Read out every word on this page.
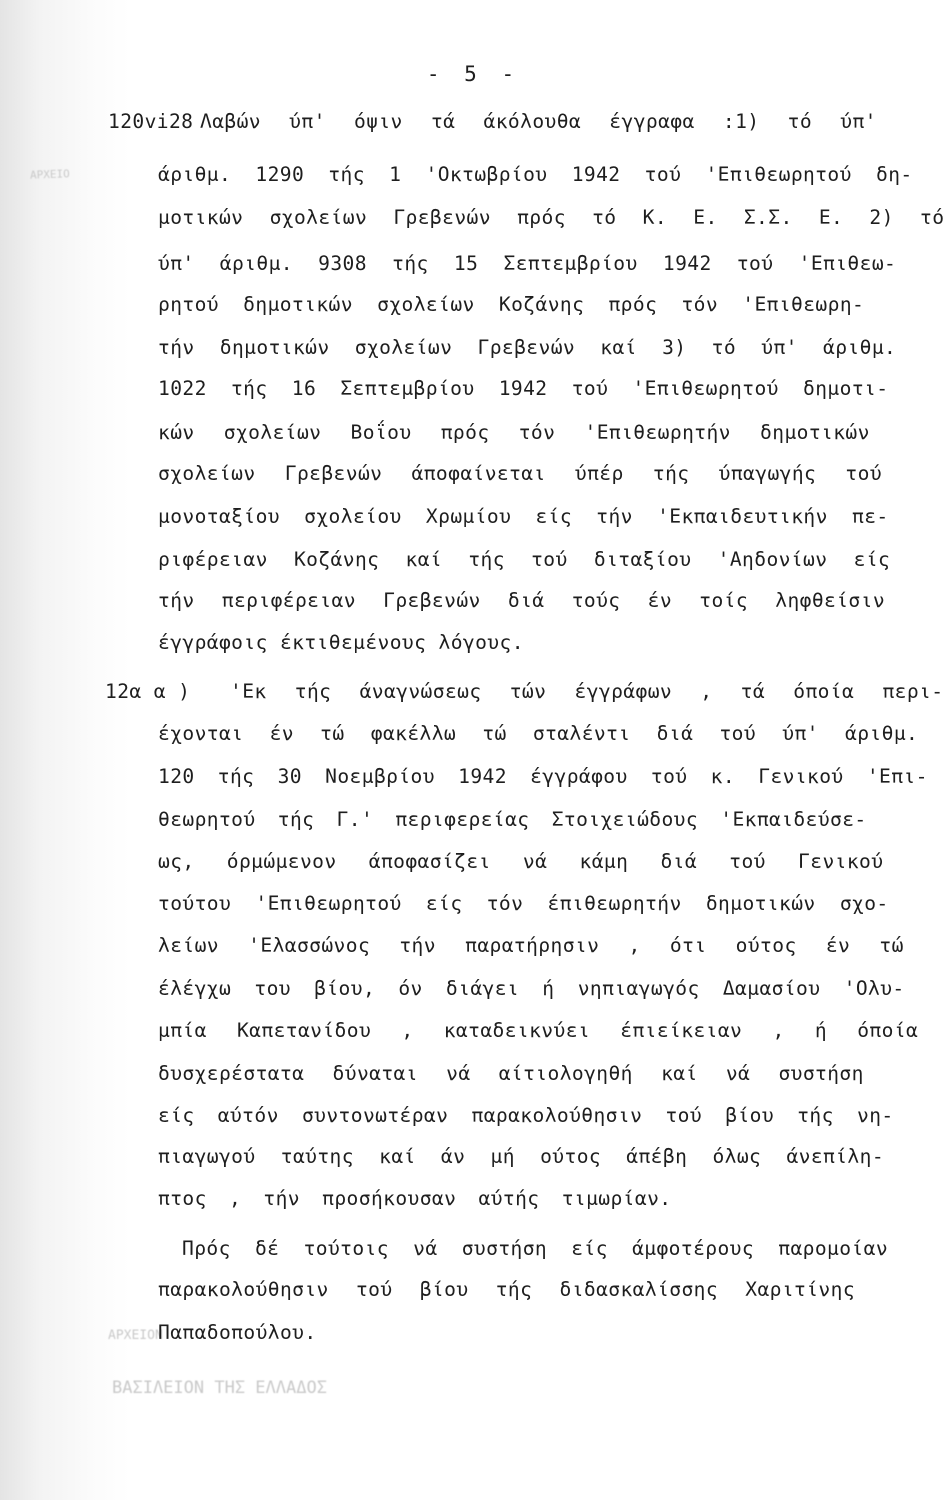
ΑΡΧΕΙΟ
ΑΡΧΕΙΟΝ
ΒΑΣΙΛΕΙΟΝ ΤΗΣ ΕΛΛΑΔΟΣ
- 5 -
120vi28 Λαβών ύπ' όψιν τά άκόλουθα έγγραφα :1) τό ύπ'
άριθμ. 1290 τής 1 'Οκτωβρίου 1942 τού 'Επιθεωρητού δη-
μοτικών σχολείων Γρεβενών πρός τό Κ. Ε. Σ.Σ. Ε. 2) τό
ύπ' άριθμ. 9308 τής 15 Σεπτεμβρίου 1942 τού 'Επιθεω-
ρητού δημοτικών σχολείων Κοζάνης πρός τόν 'Επιθεωρη-
τήν δημοτικών σχολείων Γρεβενών καί 3) τό ύπ' άριθμ.
1022 τής 16 Σεπτεμβρίου 1942 τού 'Επιθεωρητού δημοτι-
κών σχολείων Βοΐου πρός τόν 'Επιθεωρητήν δημοτικών
σχολείων Γρεβενών άποφαίνεται ύπέρ τής ύπαγωγής τού
μονοταξίου σχολείου Χρωμίου είς τήν 'Εκπαιδευτικήν πε-
ριφέρειαν Κοζάνης καί τής τού διταξίου 'Αηδονίων είς
τήν περιφέρειαν Γρεβενών διά τούς έν τοίς ληφθείσιν
έγγράφοις έκτιθεμένους λόγους.
12α α ) 'Εκ τής άναγνώσεως τών έγγράφων , τά όποία περι-
έχονται έν τώ φακέλλω τώ σταλέντι διά τού ύπ' άριθμ.
120 τής 30 Νοεμβρίου 1942 έγγράφου τού κ. Γενικού 'Επι-
θεωρητού τής Γ.' περιφερείας Στοιχειώδους 'Εκπαιδεύσε-
ως, όρμώμενον άποφασίζει νά κάμη διά τού Γενικού
τούτου 'Επιθεωρητού είς τόν έπιθεωρητήν δημοτικών σχο-
λείων 'Ελασσώνος τήν παρατήρησιν , ότι ούτος έν τώ
έλέγχω του βίου, όν διάγει ή νηπιαγωγός Δαμασίου 'Ολυ-
μπία Καπετανίδου , καταδεικνύει έπιείκειαν , ή όποία
δυσχερέστατα δύναται νά αίτιολογηθή καί νά συστήση
είς αύτόν συντονωτέραν παρακολούθησιν τού βίου τής νη-
πιαγωγού ταύτης καί άν μή ούτος άπέβη όλως άνεπίλη-
πτος , τήν προσήκουσαν αύτής τιμωρίαν.
Πρός δέ τούτοις νά συστήση είς άμφοτέρους παρομοίαν
παρακολούθησιν τού βίου τής διδασκαλίσσης Χαριτίνης
Παπαδοπούλου.
